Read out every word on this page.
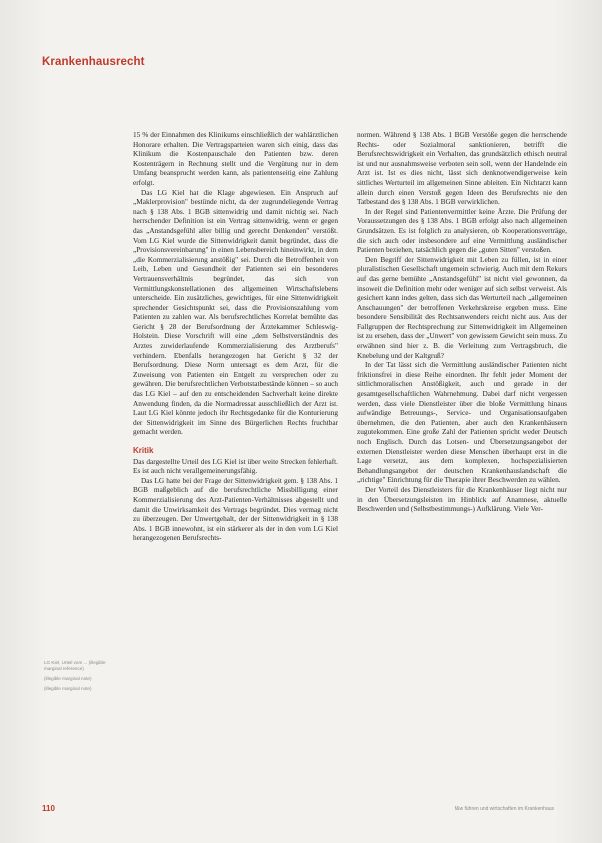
Krankenhausrecht

15 % der Einnahmen des Klinikums einschließlich der wahlärztlichen Honorare erhalten. Die Vertragsparteien waren sich einig, dass das Klinikum die Kostenpauschale den Patienten bzw. deren Kostenträgern in Rechnung stellt und die Vergütung nur in dem Umfang beansprucht werden kann, als patientenseitig eine Zahlung erfolgt.

Das LG Kiel hat die Klage abgewiesen. Ein Anspruch auf „Maklerprovision" bestünde nicht, da der zugrundeliegende Vertrag nach § 138 Abs. 1 BGB sittenwidrig und damit nichtig sei. Nach herrschender Definition ist ein Vertrag sittenwidrig, wenn er gegen das „Anstandsgefühl aller billig und gerecht Denkenden" verstößt. Vom LG Kiel wurde die Sittenwidrigkeit damit begründet, dass die „Provisionsvereinbarung" in einen Lebensbereich hineinwirkt, in dem „die Kommerzialisierung anstößig" sei. Durch die Betroffenheit von Leib, Leben und Gesundheit der Patienten sei ein besonderes Vertrauensverhältnis begründet, das sich von Vermittlungskonstellationen des allgemeinen Wirtschaftslebens unterscheide. Ein zusätzliches, gewichtiges, für eine Sittenwidrigkeit sprechender Gesichtspunkt sei, dass die Provisionszahlung vom Patienten zu zahlen war. Als berufsrechtliches Korrelat bemühte das Gericht § 28 der Berufsordnung der Ärztekammer Schleswig-Holstein. Diese Vorschrift will eine „dem Selbstverständnis des Arztes zuwiderlaufende Kommerzialisierung des Arztberufs" verhindern. Ebenfalls herangezogen hat Gericht § 32 der Berufsordnung. Diese Norm untersagt es dem Arzt, für die Zuweisung von Patienten ein Entgelt zu versprechen oder zu gewähren. Die berufsrechtlichen Verbotstatbestände können – so auch das LG Kiel – auf den zu entscheidenden Sachverhalt keine direkte Anwendung finden, da die Normadressat ausschließlich der Arzt ist. Laut LG Kiel könnte jedoch ihr Rechtsgedanke für die Konturierung der Sittenwidrigkeit im Sinne des Bürgerlichen Rechts fruchtbar gemacht werden.

Kritik

Das dargestellte Urteil des LG Kiel ist über weite Strecken fehlerhaft. Es ist auch nicht verallgemeinerungsfähig.

Das LG hatte bei der Frage der Sittenwidrigkeit gem. § 138 Abs. 1 BGB maßgeblich auf die berufsrechtliche Missbilligung einer Kommerzialisierung des Arzt-Patienten-Verhältnisses abgestellt und damit die Unwirksamkeit des Vertrags begründet. Dies vermag nicht zu überzeugen. Der Unwertgehalt, der der Sittenwidrigkeit in § 138 Abs. 1 BGB innewohnt, ist ein stärkerer als der in den vom LG Kiel herangezogenen Berufsrechts-

normen. Während § 138 Abs. 1 BGB Verstöße gegen die herrschende Rechts- oder Sozialmoral sanktionieren, betrifft die Berufsrechtswidrigkeit ein Verhalten, das grundsätzlich ethisch neutral ist und nur ausnahmsweise verboten sein soll, wenn der Handelnde ein Arzt ist. Ist es dies nicht, lässt sich denknotwendigerweise kein sittliches Werturteil im allgemeinen Sinne ableiten. Ein Nichtarzt kann allein durch einen Verstoß gegen Ideen des Berufsrechts nie den Tatbestand des § 138 Abs. 1 BGB verwirklichen.

In der Regel sind Patientenvermittler keine Ärzte. Die Prüfung der Voraussetzungen des § 138 Abs. 1 BGB erfolgt also nach allgemeinen Grundsätzen. Es ist folglich zu analysieren, ob Kooperationsverträge, die sich auch oder insbesondere auf eine Vermittlung ausländischer Patienten beziehen, tatsächlich gegen die „guten Sitten" verstoßen.

Den Begriff der Sittenwidrigkeit mit Leben zu füllen, ist in einer pluralistischen Gesellschaft ungemein schwierig. Auch mit dem Rekurs auf das gerne bemühte „Anstandsgefühl" ist nicht viel gewonnen, da insoweit die Definition mehr oder weniger auf sich selbst verweist. Als gesichert kann indes gelten, dass sich das Werturteil nach „allgemeinen Anschauungen" der betroffenen Verkehrskreise ergeben muss. Eine besondere Sensibilität des Rechtsanwenders reicht nicht aus. Aus der Fallgruppen der Rechtsprechung zur Sittenwidrigkeit im Allgemeinen ist zu ersehen, dass der „Unwert" von gewissem Gewicht sein muss. Zu erwähnen sind hier z. B. die Verleitung zum Vertragsbruch, die Knebelung und der Kaltgruß?

In der Tat lässt sich die Vermittlung ausländischer Patienten nicht friktionsfrei in diese Reihe einordnen. Ihr fehlt jeder Moment der sittlichmoralischen Anstößigkeit, auch und gerade in der gesamtgesellschaftlichen Wahrnehmung. Dabei darf nicht vergessen werden, dass viele Dienstleister über die bloße Vermittlung hinaus aufwändige Betreuungs-, Service- und Organisationsaufgaben übernehmen, die den Patienten, aber auch den Krankenhäusern zugutekommen. Eine große Zahl der Patienten spricht weder Deutsch noch Englisch. Durch das Lotsen- und Übersetzungsangebot der externen Dienstleister werden diese Menschen überhaupt erst in die Lage versetzt, aus dem komplexen, hochspezialisierten Behandlungsangebot der deutschen Krankenhauslandschaft die „richtige" Einrichtung für die Therapie ihrer Beschwerden zu wählen.

Der Vorteil des Dienstleisters für die Krankenhäuser liegt nicht nur in den Übersetzungsleisten im Hinblick auf Anamnese, aktuelle Beschwerden und (Selbstbestimmungs-) Aufklärung. Viele Ver-

LG Kiel, Urteil vom ... (illegible marginal reference)
(illegible marginal note)
(illegible marginal note)
110	f&w führen und wirtschaften im Krankenhaus
